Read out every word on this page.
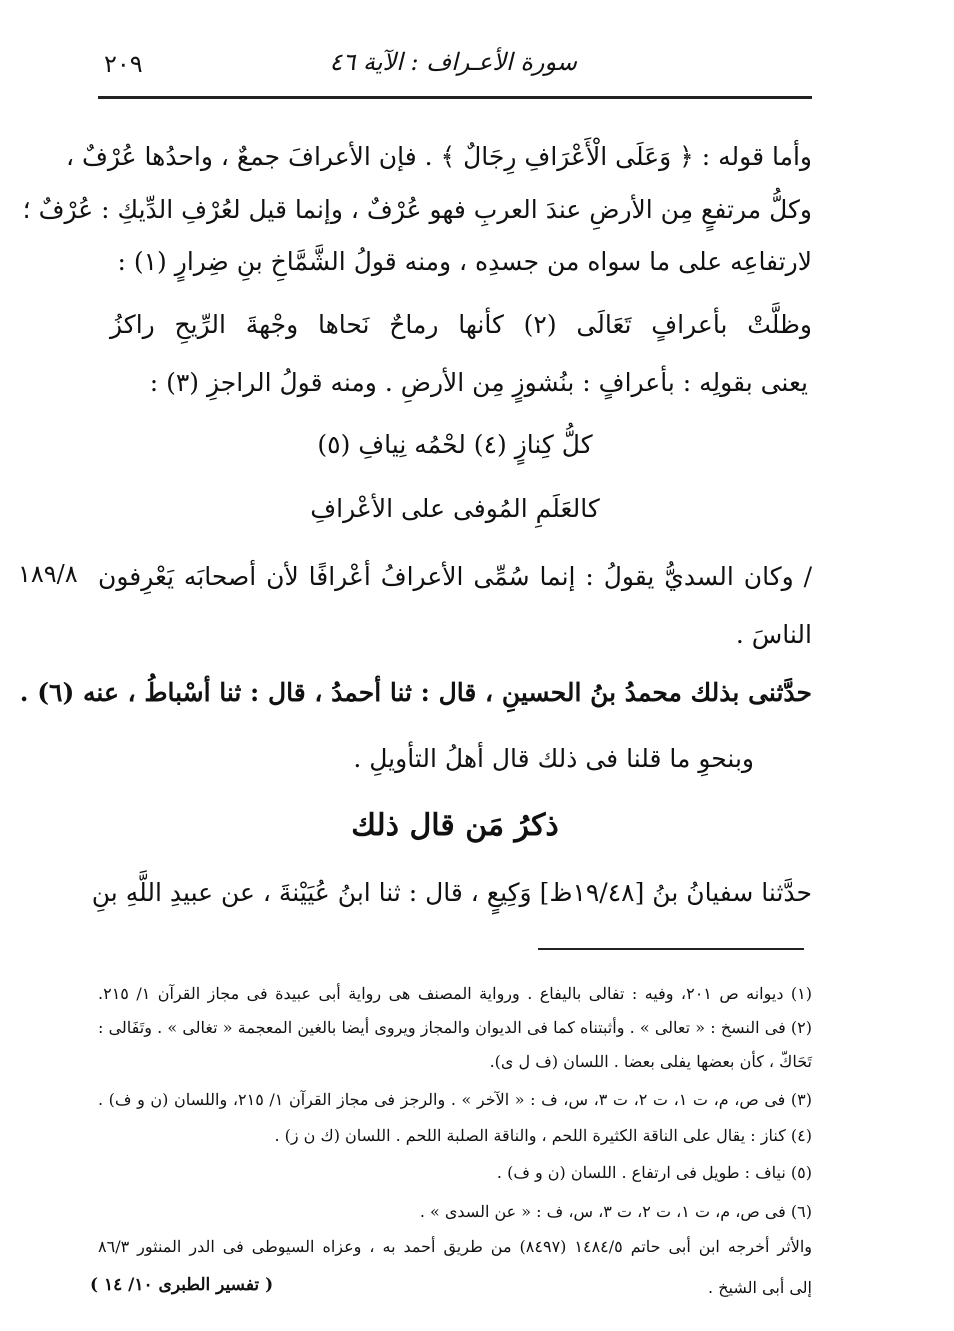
سورة الأعـراف : الآية ٤٦
٢٠٩
وأما قوله : ﴿ وَعَلَى الْأَعْرَافِ رِجَالٌ ﴾ . فإن الأعرافَ جمعٌ ، واحدُها عُرْفٌ ،
وكلُّ مرتفعٍ مِن الأرضِ عندَ العربِ فهو عُرْفٌ ، وإنما قيل لعُرْفِ الدِّيكِ : عُرْفٌ ؛
لارتفاعِه على ما سواه من جسدِه ، ومنه قولُ الشَّمَّاخِ بنِ ضِرارٍ (١) :
وظلَّتْ بأعرافٍ تَعَالَى (٢) كأنها رماحٌ نَحاها وجْهةَ الرِّيحِ راكزُ
يعنى بقولِه : بأعرافٍ : بنُشوزٍ مِن الأرضِ . ومنه قولُ الراجزِ (٣) :
كلُّ كِنازٍ (٤) لحْمُه نِيافِ (٥)
كالعَلَمِ المُوفى على الأعْرافِ
/ وكان السديُّ يقولُ : إنما سُمِّى الأعرافُ أعْرافًا لأن أصحابَه يَعْرِفون
١٨٩/٨
الناسَ .
حدَّثنى بذلك محمدُ بنُ الحسينِ ، قال : ثنا أحمدُ ، قال : ثنا أسْباطُ ، عنه (٦) .
وبنحوِ ما قلنا فى ذلك قال أهلُ التأويلِ .
ذكرُ مَن قال ذلك
حدَّثنا سفيانُ بنُ [١٩/٤٨ظ] وَكِيعٍ ، قال : ثنا ابنُ عُيَيْنةَ ، عن عبيدِ اللَّهِ بنِ
(١) ديوانه ص ٢٠١، وفيه : تفالى باليفاع . ورواية المصنف هى رواية أبى عبيدة فى مجاز القرآن ١/ ٢١٥.
(٢) فى النسخ : « تعالى » . وأثبتناه كما فى الديوان والمجاز ويروى أيضا بالغين المعجمة « تغالى » . وتَفَالى :
تَحَاكّ ، كأن بعضها يفلى بعضا . اللسان (ف ل ى).
(٣) فى ص، م، ت ١، ت ٢، ت ٣، س، ف : « الآخر » . والرجز فى مجاز القرآن ١/ ٢١٥، واللسان (ن و ف) .
(٤) كناز : يقال على الناقة الكثيرة اللحم ، والناقة الصلبة اللحم . اللسان (ك ن ز) .
(٥) نياف : طويل فى ارتفاع . اللسان (ن و ف) .
(٦) فى ص، م، ت ١، ت ٢، ت ٣، س، ف : « عن السدى » .
والأثر أخرجه ابن أبى حاتم ١٤٨٤/٥ (٨٤٩٧) من طريق أحمد به ، وعزاه السيوطى فى الدر المنثور ٨٦/٣
إلى أبى الشيخ .
( تفسير الطبرى ١٠/ ١٤ )
